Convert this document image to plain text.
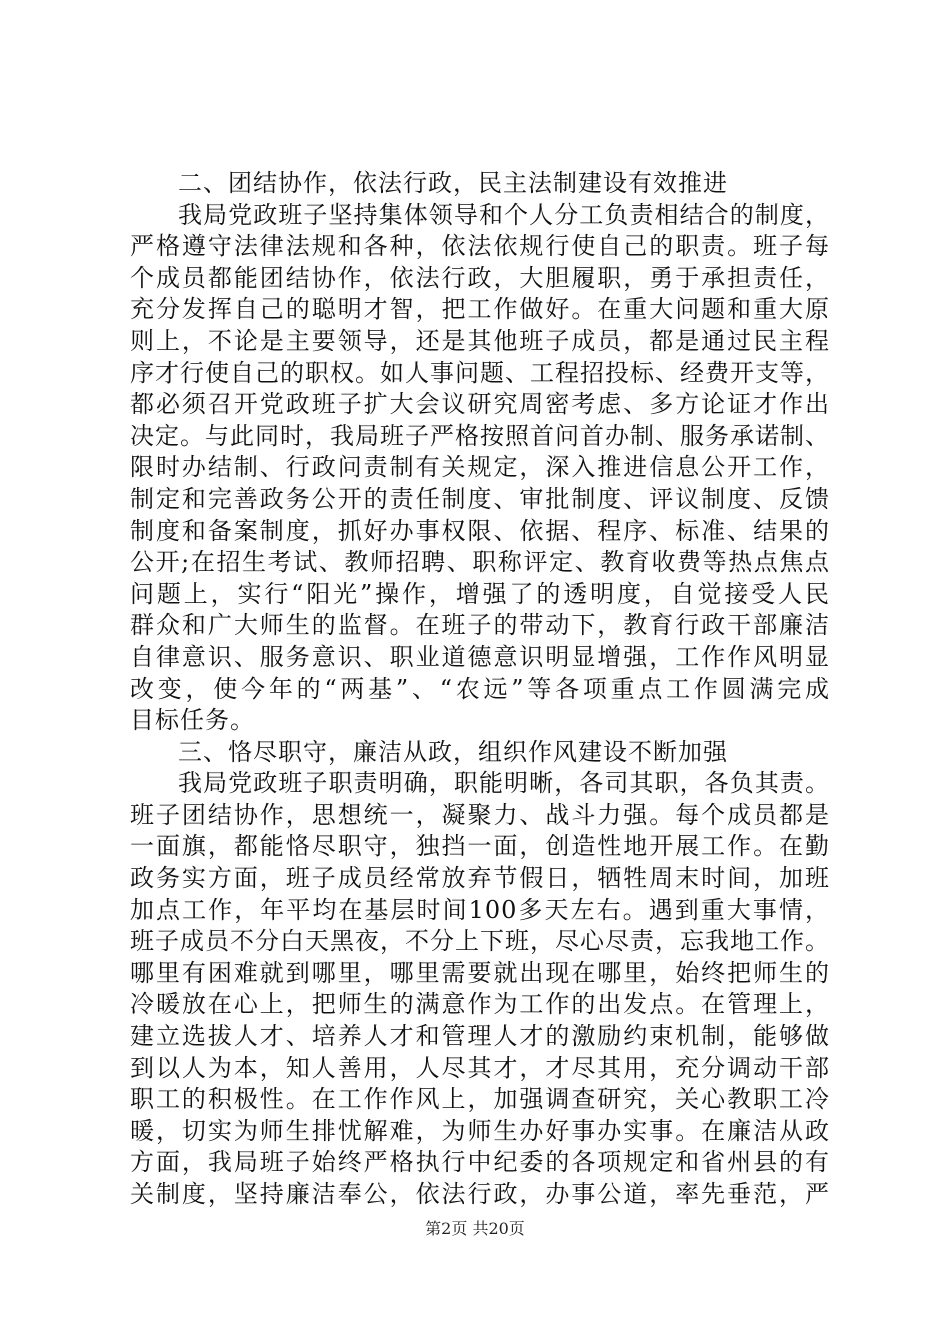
二、团结协作，依法行政，民主法制建设有效推进
我局党政班子坚持集体领导和个人分工负责相结合的制度，
严格遵守法律法规和各种，依法依规行使自己的职责。班子每
个成员都能团结协作，依法行政，大胆履职，勇于承担责任，
充分发挥自己的聪明才智，把工作做好。在重大问题和重大原
则上，不论是主要领导，还是其他班子成员，都是通过民主程
序才行使自己的职权。如人事问题、工程招投标、经费开支等，
都必须召开党政班子扩大会议研究周密考虑、多方论证才作出
决定。与此同时，我局班子严格按照首问首办制、服务承诺制、
限时办结制、行政问责制有关规定，深入推进信息公开工作，
制定和完善政务公开的责任制度、审批制度、评议制度、反馈
制度和备案制度，抓好办事权限、依据、程序、标准、结果的
公开;在招生考试、教师招聘、职称评定、教育收费等热点焦点
问题上，实行“阳光”操作，增强了的透明度，自觉接受人民
群众和广大师生的监督。在班子的带动下，教育行政干部廉洁
自律意识、服务意识、职业道德意识明显增强，工作作风明显
改变，使今年的“两基”、“农远”等各项重点工作圆满完成
目标任务。
三、恪尽职守，廉洁从政，组织作风建设不断加强
我局党政班子职责明确，职能明晰，各司其职，各负其责。
班子团结协作，思想统一，凝聚力、战斗力强。每个成员都是
一面旗，都能恪尽职守，独挡一面，创造性地开展工作。在勤
政务实方面，班子成员经常放弃节假日，牺牲周末时间，加班
加点工作，年平均在基层时间100多天左右。遇到重大事情，
班子成员不分白天黑夜，不分上下班，尽心尽责，忘我地工作。
哪里有困难就到哪里，哪里需要就出现在哪里，始终把师生的
冷暖放在心上，把师生的满意作为工作的出发点。在管理上，
建立选拔人才、培养人才和管理人才的激励约束机制，能够做
到以人为本，知人善用，人尽其才，才尽其用，充分调动干部
职工的积极性。在工作作风上，加强调查研究，关心教职工冷
暖，切实为师生排忧解难，为师生办好事办实事。在廉洁从政
方面，我局班子始终严格执行中纪委的各项规定和省州县的有
关制度，坚持廉洁奉公，依法行政，办事公道，率先垂范，严
第2页 共20页
